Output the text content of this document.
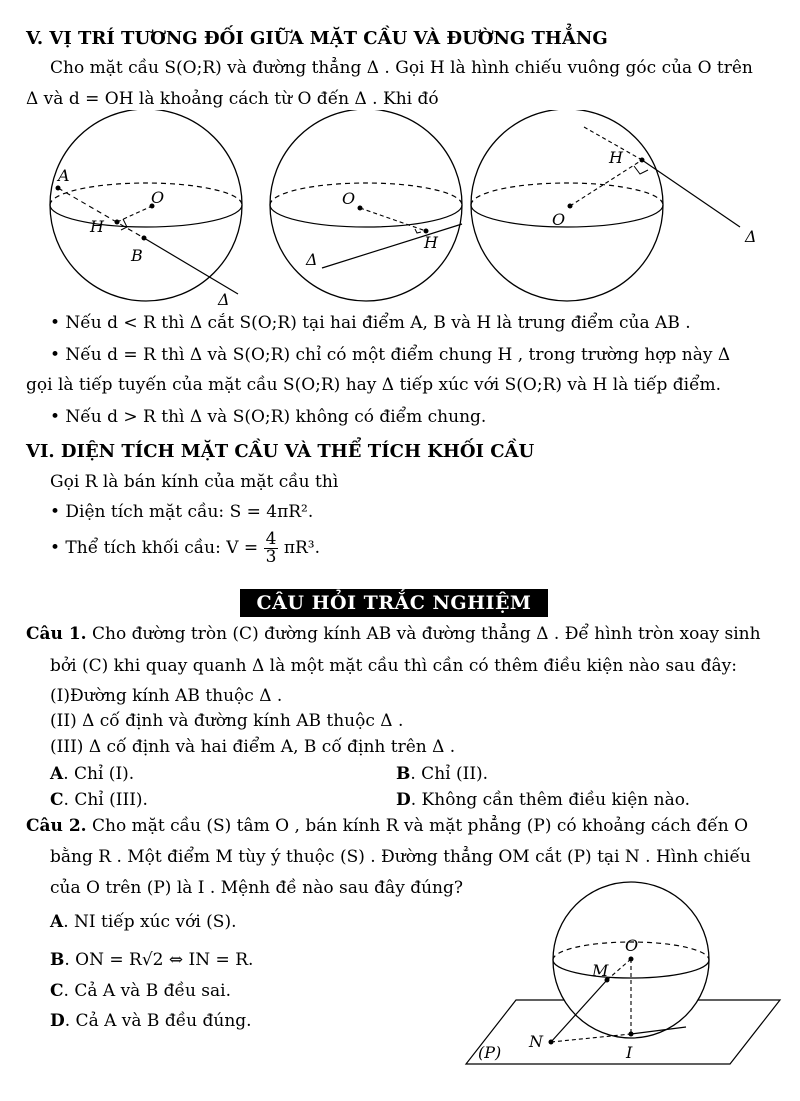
V. VỊ TRÍ TƯƠNG ĐỐI GIỮA MẶT CẦU VÀ ĐƯỜNG THẲNG
Cho mặt cầu S(O;R) và đường thẳng Δ . Gọi H là hình chiếu vuông góc của O trên
Δ và d = OH là khoảng cách từ O đến Δ . Khi đó
A
O
H
B
Δ
O
H
Δ
O
H
Δ
• Nếu d < R thì Δ cắt S(O;R) tại hai điểm A, B và H là trung điểm của AB .
• Nếu d = R thì Δ và S(O;R) chỉ có một điểm chung H , trong trường hợp này Δ
gọi là tiếp tuyến của mặt cầu S(O;R) hay Δ tiếp xúc với S(O;R) và H là tiếp điểm.
• Nếu d > R thì Δ và S(O;R) không có điểm chung.
VI. DIỆN TÍCH MẶT CẦU VÀ THỂ TÍCH KHỐI CẦU
Gọi R là bán kính của mặt cầu thì
• Diện tích mặt cầu: S = 4πR².
• Thể tích khối cầu: $V = \frac{4}{3} \pi R^3$.
CÂU HỎI TRẮC NGHIỆM
Câu 1. Cho đường tròn (C) đường kính AB và đường thẳng Δ . Để hình tròn xoay sinh
bởi (C) khi quay quanh Δ là một mặt cầu thì cần có thêm điều kiện nào sau đây:
(I)Đường kính AB thuộc Δ .
(II) Δ cố định và đường kính AB thuộc Δ .
(III) Δ cố định và hai điểm A, B cố định trên Δ .
A. Chỉ (I).	B. Chỉ (II).
C. Chỉ (III).	D. Không cần thêm điều kiện nào.
Câu 2. Cho mặt cầu (S) tâm O , bán kính R và mặt phẳng (P) có khoảng cách đến O
bằng R . Một điểm M tùy ý thuộc (S) . Đường thẳng OM cắt (P) tại N . Hình chiếu
của O trên (P) là I . Mệnh đề nào sau đây đúng?
A. NI tiếp xúc với (S).
B. ON = R√2 ⇔ IN = R.
C. Cả A và B đều sai.
D. Cả A và B đều đúng.
O
M
N
I
(P)
